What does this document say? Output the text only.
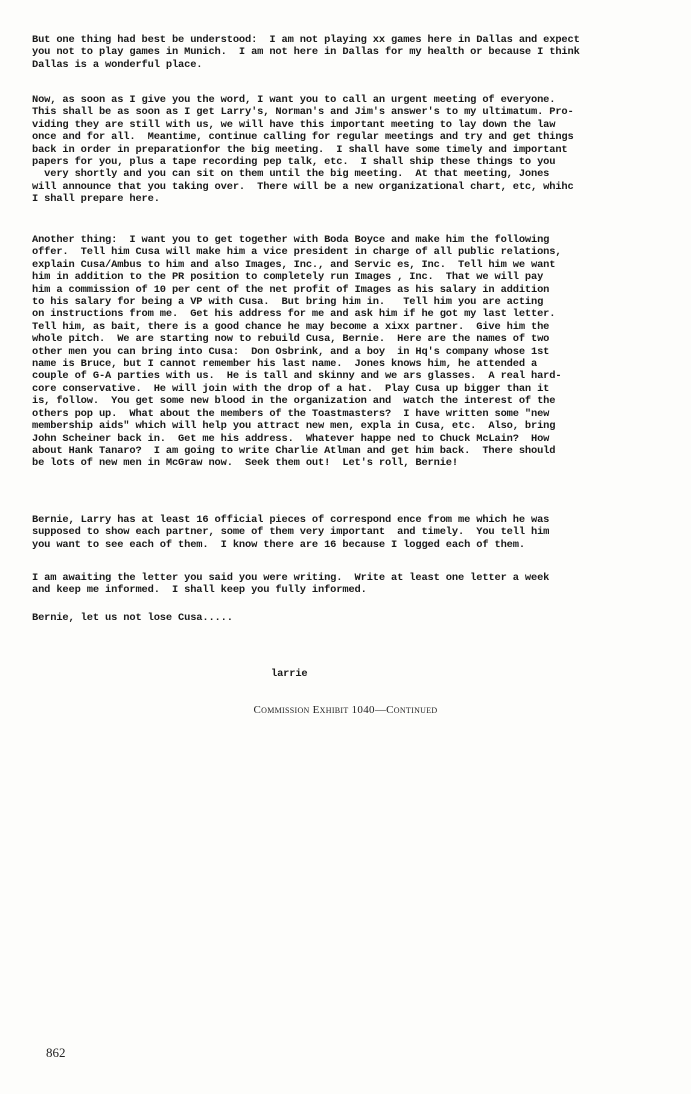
But one thing had best be understood:  I am not playing xx games here in Dallas and expect
you not to play games in Munich.  I am not here in Dallas for my health or because I think
Dallas is a wonderful place.
Now, as soon as I give you the word, I want you to call an urgent meeting of everyone.
This shall be as soon as I get Larry's, Norman's and Jim's answer's to my ultimatum. Pro-
viding they are still with us, we will have this important meeting to lay down the law
once and for all.  Meantime, continue calling for regular meetings and try and get things
back in order in preparationfor the big meeting.  I shall have some timely and important
papers for you, plus a tape recording pep talk, etc.  I shall ship these things to you
very shortly and you can sit on them until the big meeting.  At that meeting, Jones
will announce that you taking over.  There will be a new organizational chart, etc, whihc
I shall prepare here.
Another thing:  I want you to get together with Boda Boyce and make him the following
offer.  Tell him Cusa will make him a vice president in charge of all public relations,
explain Cusa/Ambus to him and also Images, Inc., and Servic es, Inc.  Tell him we want
him in addition to the PR position to completely run Images , Inc.  That we will pay
him a commission of 10 per cent of the net profit of Images as his salary in addition
to his salary for being a VP with Cusa.  But bring him in.   Tell him you are acting
on instructions from me.  Get his address for me and ask him if he got my last letter.
Tell him, as bait, there is a good chance he may become a xixx partner.  Give him the
whole pitch.  We are starting now to rebuild Cusa, Bernie.  Here are the names of two
other men you can bring into Cusa:  Don Osbrink, and a boy  in Hq's company whose 1st
name is Bruce, but I cannot remember his last name.  Jones knows him, he attended a
couple of G-A parties with us.  He is tall and skinny and we ars glasses.  A real hard-
core conservative.  He will join with the drop of a hat.  Play Cusa up bigger than it
is, follow.  You get some new blood in the organization and  watch the interest of the
others pop up.  What about the members of the Toastmasters?  I have written some "new
membership aids" which will help you attract new men, expla in Cusa, etc.  Also, bring
John Scheiner back in.  Get me his address.  Whatever happe ned to Chuck McLain?  How
about Hank Tanaro?  I am going to write Charlie Atlman and get him back.  There should
be lots of new men in McGraw now.  Seek them out!  Let's roll, Bernie!
Bernie, Larry has at least 16 official pieces of correspond ence from me which he was
supposed to show each partner, some of them very important  and timely.  You tell him
you want to see each of them.  I know there are 16 because I logged each of them.
I am awaiting the letter you said you were writing.  Write at least one letter a week
and keep me informed.  I shall keep you fully informed.
Bernie, let us not lose Cusa.....
larrie
Commission Exhibit 1040—Continued
862
